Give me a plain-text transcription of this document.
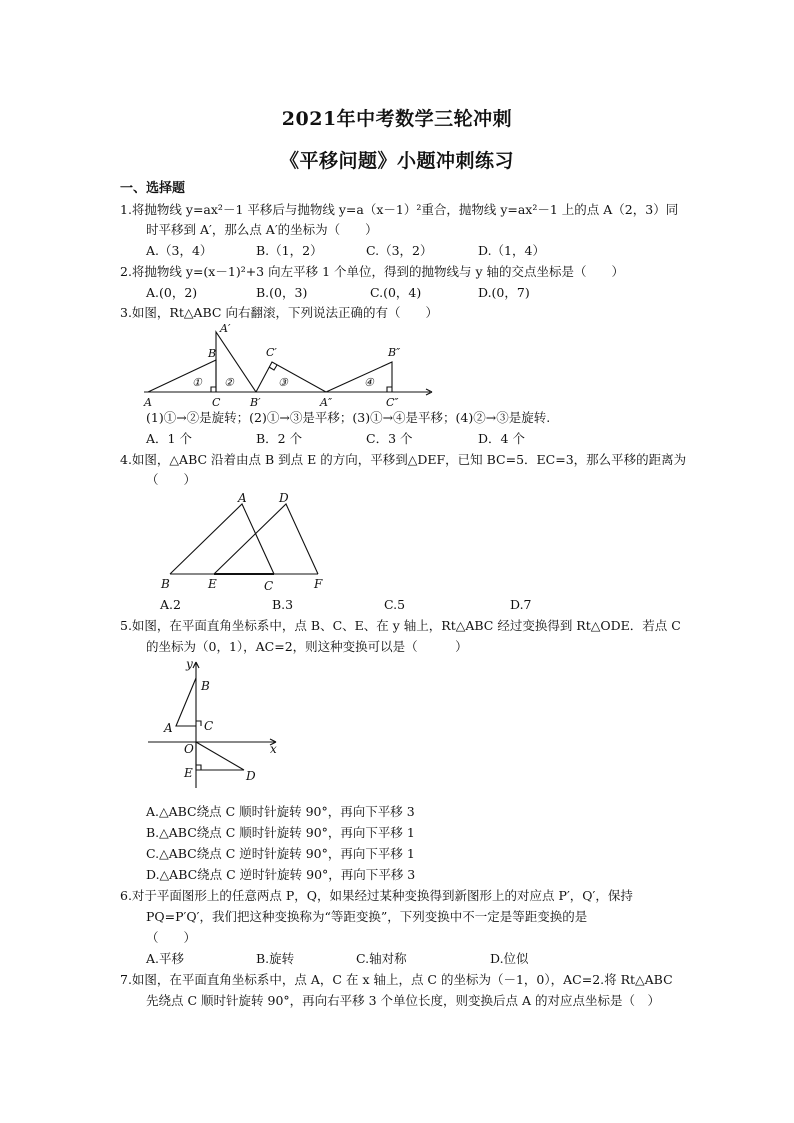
2021年中考数学三轮冲刺
《平移问题》小题冲刺练习
一、选择题
1.将抛物线 y=ax²－1 平移后与抛物线 y=a（x－1）²重合，抛物线 y=ax²－1 上的点 A（2，3）同
时平移到 A′，那么点 A′的坐标为（　　）
A.（3，4）	B.（1，2）	C.（3，2）	D.（1，4）
2.将抛物线 y=(x－1)²+3 向左平移 1 个单位，得到的抛物线与 y 轴的交点坐标是（　　）
A.(0，2)	B.(0，3)	C.(0，4)	D.(0，7)
3.如图，Rt△ABC 向右翻滚，下列说法正确的有（　　）
A′
B	C′	B″
① ②	③	④
A	C	B′	A″	C″
(1)①→②是旋转；(2)①→③是平移；(3)①→④是平移；(4)②→③是旋转.
A．1 个	B．2 个	C．3 个	D．4 个
4.如图，△ABC 沿着由点 B 到点 E 的方向，平移到△DEF，已知 BC=5．EC=3，那么平移的距离为
（　　）
A	D
B	E	C	F
A.2	B.3	C.5	D.7
5.如图，在平面直角坐标系中，点 B、C、E、在 y 轴上，Rt△ABC 经过变换得到 Rt△ODE．若点 C
的坐标为（0，1），AC=2，则这种变换可以是（　　　）
y
B
A	C
O	x
E	D
A.△ABC绕点 C 顺时针旋转 90°，再向下平移 3
B.△ABC绕点 C 顺时针旋转 90°，再向下平移 1
C.△ABC绕点 C 逆时针旋转 90°，再向下平移 1
D.△ABC绕点 C 逆时针旋转 90°，再向下平移 3
6.对于平面图形上的任意两点 P，Q，如果经过某种变换得到新图形上的对应点 P′，Q′，保持
PQ=P′Q′，我们把这种变换称为“等距变换”，下列变换中不一定是等距变换的是
（　　）
A.平移	B.旋转	C.轴对称	D.位似
7.如图，在平面直角坐标系中，点 A，C 在 x 轴上，点 C 的坐标为（－1，0），AC=2.将 Rt△ABC
先绕点 C 顺时针旋转 90°，再向右平移 3 个单位长度，则变换后点 A 的对应点坐标是（　）
